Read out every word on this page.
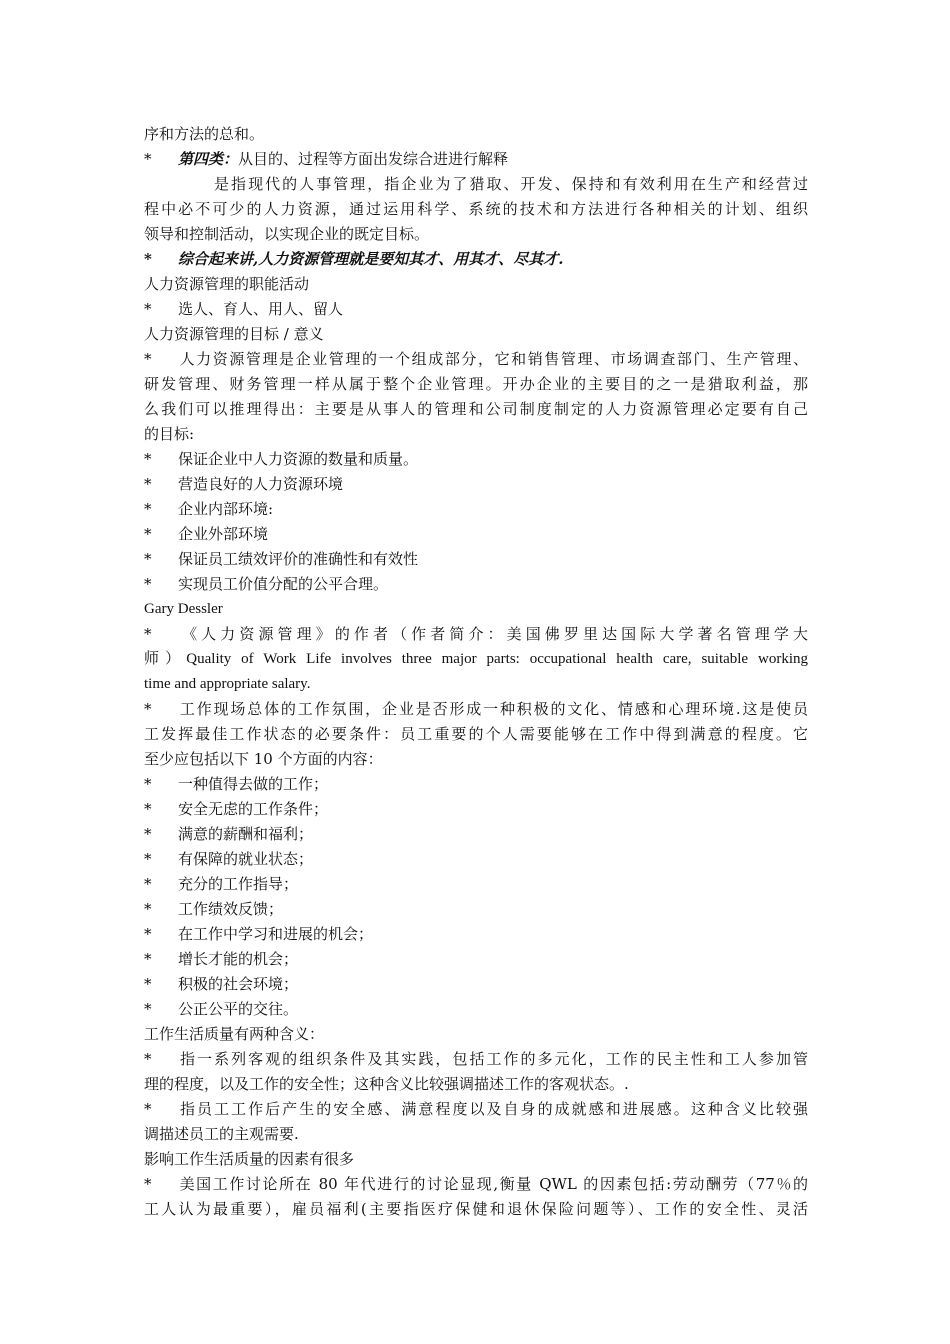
序和方法的总和。
* 第四类：从目的、过程等方面出发综合进进行解释
是指现代的人事管理，指企业为了猎取、开发、保持和有效利用在生产和经营过
程中必不可少的人力资源，通过运用科学、系统的技术和方法进行各种相关的计划、组织
领导和控制活动，以实现企业的既定目标。
* 综合起来讲,人力资源管理就是要知其才、用其才、尽其才.
人力资源管理的职能活动
* 选人、育人、用人、留人
人力资源管理的目标 / 意义
* 人力资源管理是企业管理的一个组成部分，它和销售管理、市场调查部门、生产管理、
研发管理、财务管理一样从属于整个企业管理。开办企业的主要目的之一是猎取利益，那
么我们可以推理得出：主要是从事人的管理和公司制度制定的人力资源管理必定要有自己
的目标:
* 保证企业中人力资源的数量和质量。
* 营造良好的人力资源环境
* 企业内部环境:
* 企业外部环境
* 保证员工绩效评价的准确性和有效性
* 实现员工价值分配的公平合理。
Gary Dessler
* 《人力资源管理》的作者（作者简介：美国佛罗里达国际大学著名管理学大
师）Quality of Work Life involves three major parts: occupational health care, suitable working
time and appropriate salary.
* 工作现场总体的工作氛围，企业是否形成一种积极的文化、情感和心理环境.这是使员
工发挥最佳工作状态的必要条件：员工重要的个人需要能够在工作中得到满意的程度。它
至少应包括以下 10 个方面的内容：
* 一种值得去做的工作；
* 安全无虑的工作条件；
* 满意的薪酬和福利；
* 有保障的就业状态；
* 充分的工作指导；
* 工作绩效反馈；
* 在工作中学习和进展的机会；
* 增长才能的机会；
* 积极的社会环境；
* 公正公平的交往。
工作生活质量有两种含义：
* 指一系列客观的组织条件及其实践，包括工作的多元化，工作的民主性和工人参加管
理的程度，以及工作的安全性；这种含义比较强调描述工作的客观状态。.
* 指员工工作后产生的安全感、满意程度以及自身的成就感和进展感。这种含义比较强
调描述员工的主观需要.
影响工作生活质量的因素有很多
* 美国工作讨论所在 80 年代进行的讨论显现,衡量 QWL 的因素包括:劳动酬劳（77％的
工人认为最重要），雇员福利(主要指医疗保健和退休保险问题等）、工作的安全性、灵活
